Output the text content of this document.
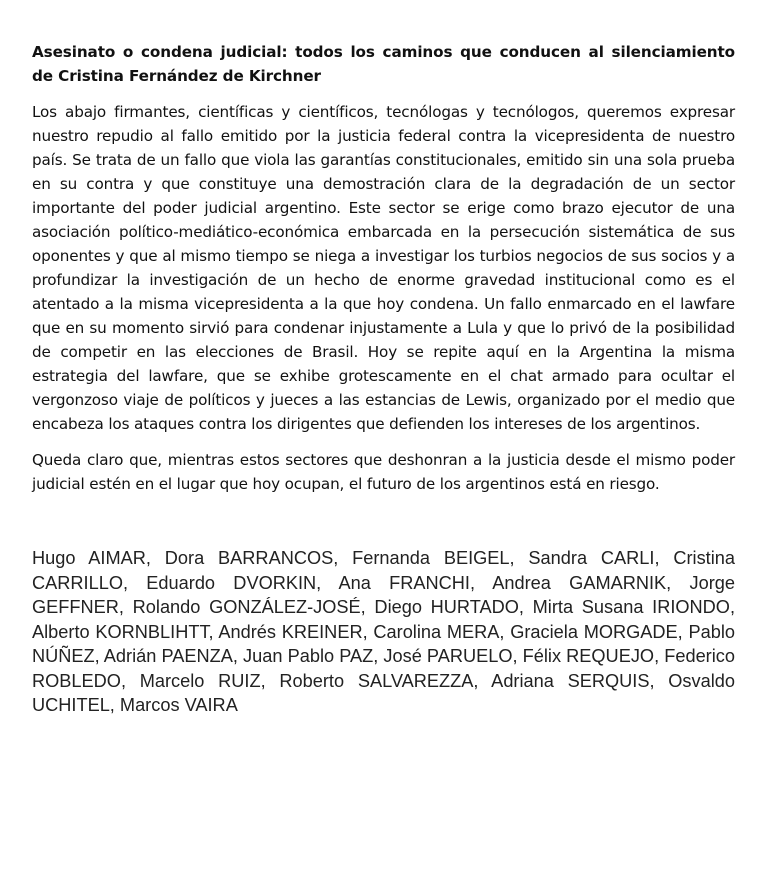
Asesinato o condena judicial: todos los caminos que conducen al silenciamiento de Cristina Fernández de Kirchner

Los abajo firmantes, científicas y científicos, tecnólogas y tecnólogos, queremos expresar nuestro repudio al fallo emitido por la justicia federal contra la vicepresidenta de nuestro país. Se trata de un fallo que viola las garantías constitucionales, emitido sin una sola prueba en su contra y que constituye una demostración clara de la degradación de un sector importante del poder judicial argentino. Este sector se erige como brazo ejecutor de una asociación político-mediático-económica embarcada en la persecución sistemática de sus oponentes y que al mismo tiempo se niega a investigar los turbios negocios de sus socios y a profundizar la investigación de un hecho de enorme gravedad institucional como es el atentado a la misma vicepresidenta a la que hoy condena. Un fallo enmarcado en el lawfare que en su momento sirvió para condenar injustamente a Lula y que lo privó de la posibilidad de competir en las elecciones de Brasil. Hoy se repite aquí en la Argentina la misma estrategia del lawfare, que se exhibe grotescamente en el chat armado para ocultar el vergonzoso viaje de políticos y jueces a las estancias de Lewis, organizado por el medio que encabeza los ataques contra los dirigentes que defienden los intereses de los argentinos.

Queda claro que, mientras estos sectores que deshonran a la justicia desde el mismo poder judicial estén en el lugar que hoy ocupan, el futuro de los argentinos está en riesgo.

Hugo AIMAR, Dora BARRANCOS, Fernanda BEIGEL, Sandra CARLI, Cristina CARRILLO, Eduardo DVORKIN, Ana FRANCHI, Andrea GAMARNIK, Jorge GEFFNER, Rolando GONZÁLEZ-JOSÉ, Diego HURTADO, Mirta Susana IRIONDO, Alberto KORNBLIHTT, Andrés KREINER, Carolina MERA, Graciela MORGADE, Pablo NÚÑEZ, Adrián PAENZA, Juan Pablo PAZ, José PARUELO, Félix REQUEJO, Federico ROBLEDO, Marcelo RUIZ, Roberto SALVAREZZA, Adriana SERQUIS, Osvaldo UCHITEL, Marcos VAIRA
